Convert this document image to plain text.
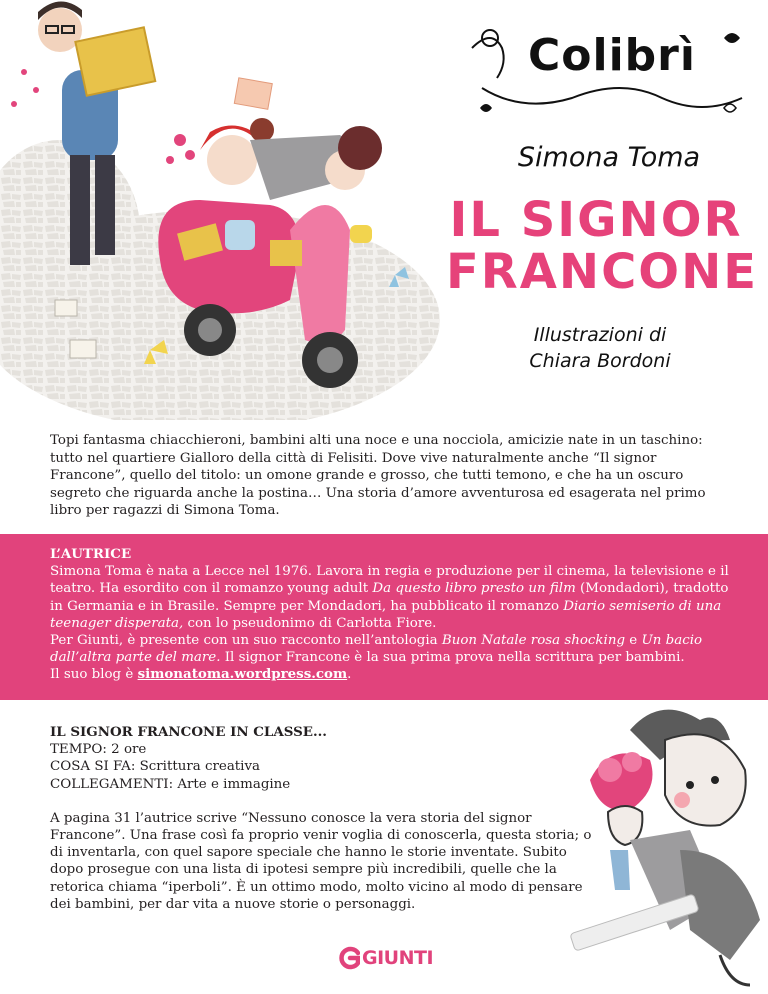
Colibrì
Simona Toma
IL SIGNOR
FRANCONE
Illustrazioni di
Chiara Bordoni

Topi fantasma chiacchieroni, bambini alti una noce e una nocciola, amicizie nate in un taschino: tutto nel quartiere Gialloro della città di Felisiti. Dove vive naturalmente anche “Il signor Francone”, quello del titolo: un omone grande e grosso, che tutti temono, e che ha un oscuro segreto che riguarda anche la postina… Una storia d’amore avventurosa ed esagerata nel primo libro per ragazzi di Simona Toma.

L’AUTRICE

Simona Toma è nata a Lecce nel 1976. Lavora in regia e produzione per il cinema, la televisione e il teatro. Ha esordito con il romanzo young adult Da questo libro presto un film (Mondadori), tradotto in Germania e in Brasile. Sempre per Mondadori, ha pubblicato il romanzo Diario semiserio di una teenager disperata, con lo pseudonimo di Carlotta Fiore.
Per Giunti, è presente con un suo racconto nell’antologia Buon Natale rosa shocking e Un bacio dall’altra parte del mare. Il signor Francone è la sua prima prova nella scrittura per bambini.
Il suo blog è simonatoma.wordpress.com.

IL SIGNOR FRANCONE IN CLASSE...

TEMPO: 2 ore

COSA SI FA: Scrittura creativa

COLLEGAMENTI: Arte e immagine

A pagina 31 l’autrice scrive “Nessuno conosce la vera storia del signor Francone”. Una frase così fa proprio venir voglia di conoscerla, questa storia; o di inventarla, con quel sapore speciale che hanno le storie inventate. Subito dopo prosegue con una lista di ipotesi sempre più incredibili, quelle che la retorica chiama “iperboli”. È un ottimo modo, molto vicino al modo di pensare dei bambini, per dar vita a nuove storie o personaggi.

GIUNTI
